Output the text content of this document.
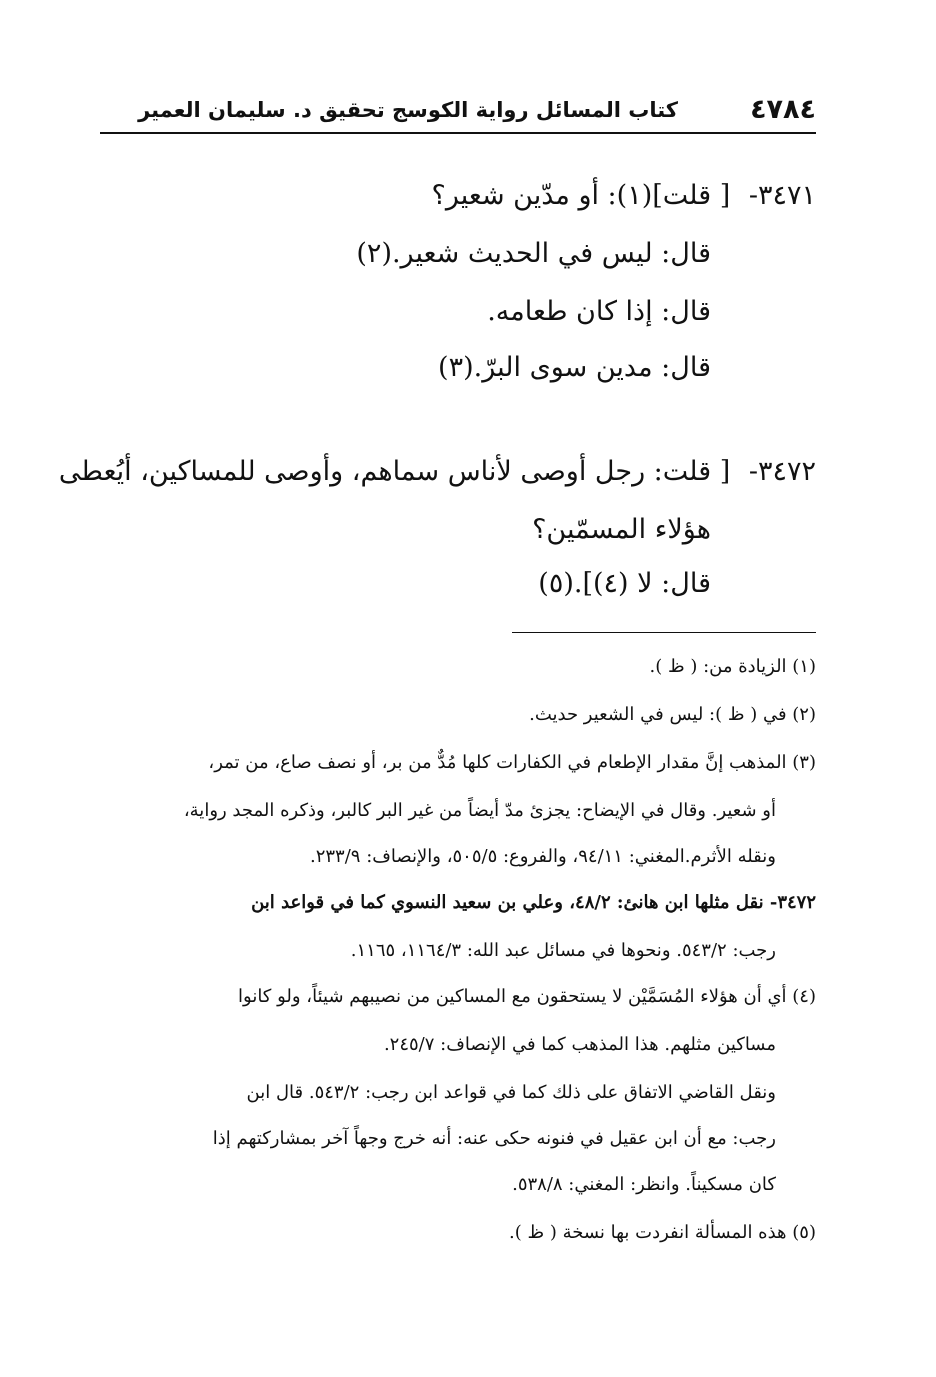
٤٧٨٤
كتاب المسائل رواية الكوسج تحقيق د. سليمان العمير
٣٤٧١- [ قلت](١): أو مدّين شعير؟
قال: ليس في الحديث شعير.(٢)
قال: إذا كان طعامه.
قال: مدين سوى البرّ.(٣)
٣٤٧٢- [ قلت: رجل أوصى لأناس سماهم، وأوصى للمساكين، أيُعطى
هؤلاء المسمّين؟
قال: لا (٤)].(٥)
(١) الزيادة من: ( ظ ).
(٢) في ( ظ ): ليس في الشعير حديث.
(٣) المذهب إنَّ مقدار الإطعام في الكفارات كلها مُدٌّ من بر، أو نصف صاع، من تمر،
أو شعير. وقال في الإيضاح: يجزئ مدّ أيضاً من غير البر كالبر، وذكره المجد رواية،
ونقله الأثرم.المغني: ٩٤/١١، والفروع: ٥٠٥/٥، والإنصاف: ٢٣٣/٩.
٣٤٧٢- نقل مثلها ابن هانئ: ٤٨/٢، وعلي بن سعيد النسوي كما في قواعد ابن
رجب: ٥٤٣/٢. ونحوها في مسائل عبد الله: ١١٦٤/٣، ١١٦٥.
(٤) أي أن هؤلاء المُسَمَّيْن لا يستحقون مع المساكين من نصيبهم شيئاً، ولو كانوا
مساكين مثلهم. هذا المذهب كما في الإنصاف: ٢٤٥/٧.
ونقل القاضي الاتفاق على ذلك كما في قواعد ابن رجب: ٥٤٣/٢. قال ابن
رجب: مع أن ابن عقيل في فنونه حكى عنه: أنه خرج وجهاً آخر بمشاركتهم إذا
كان مسكيناً. وانظر: المغني: ٥٣٨/٨.
(٥) هذه المسألة انفردت بها نسخة ( ظ ).
